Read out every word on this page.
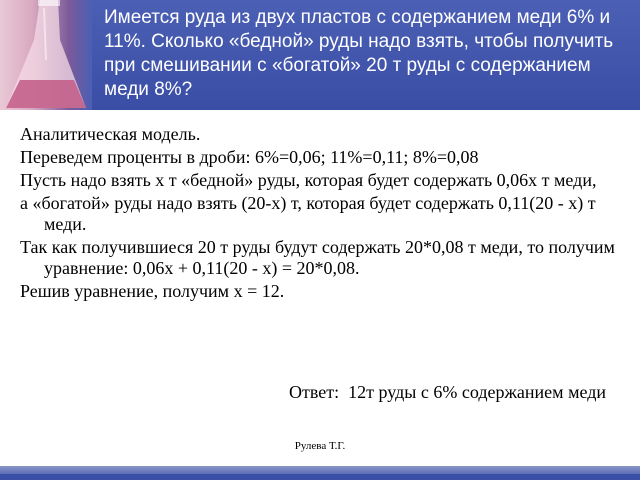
Имеется руда из двух пластов с содержанием меди 6% и 11%. Сколько «бедной» руды надо взять, чтобы получить при смешивании с «богатой» 20 т руды с содержанием меди 8%?

Аналитическая модель.

Переведем проценты в дроби: 6%=0,06; 11%=0,11; 8%=0,08

Пусть надо взять х т «бедной» руды, которая будет содержать 0,06х т меди,

а «богатой» руды надо взять (20-х) т, которая будет содержать 0,11(20 - х) т меди.

Так как получившиеся 20 т руды будут содержать 20*0,08 т меди, то получим уравнение: 0,06х + 0,11(20 - х) = 20*0,08.

Решив уравнение, получим х = 12.

Ответ:  12т руды с 6% содержанием меди
Рулева Т.Г.
